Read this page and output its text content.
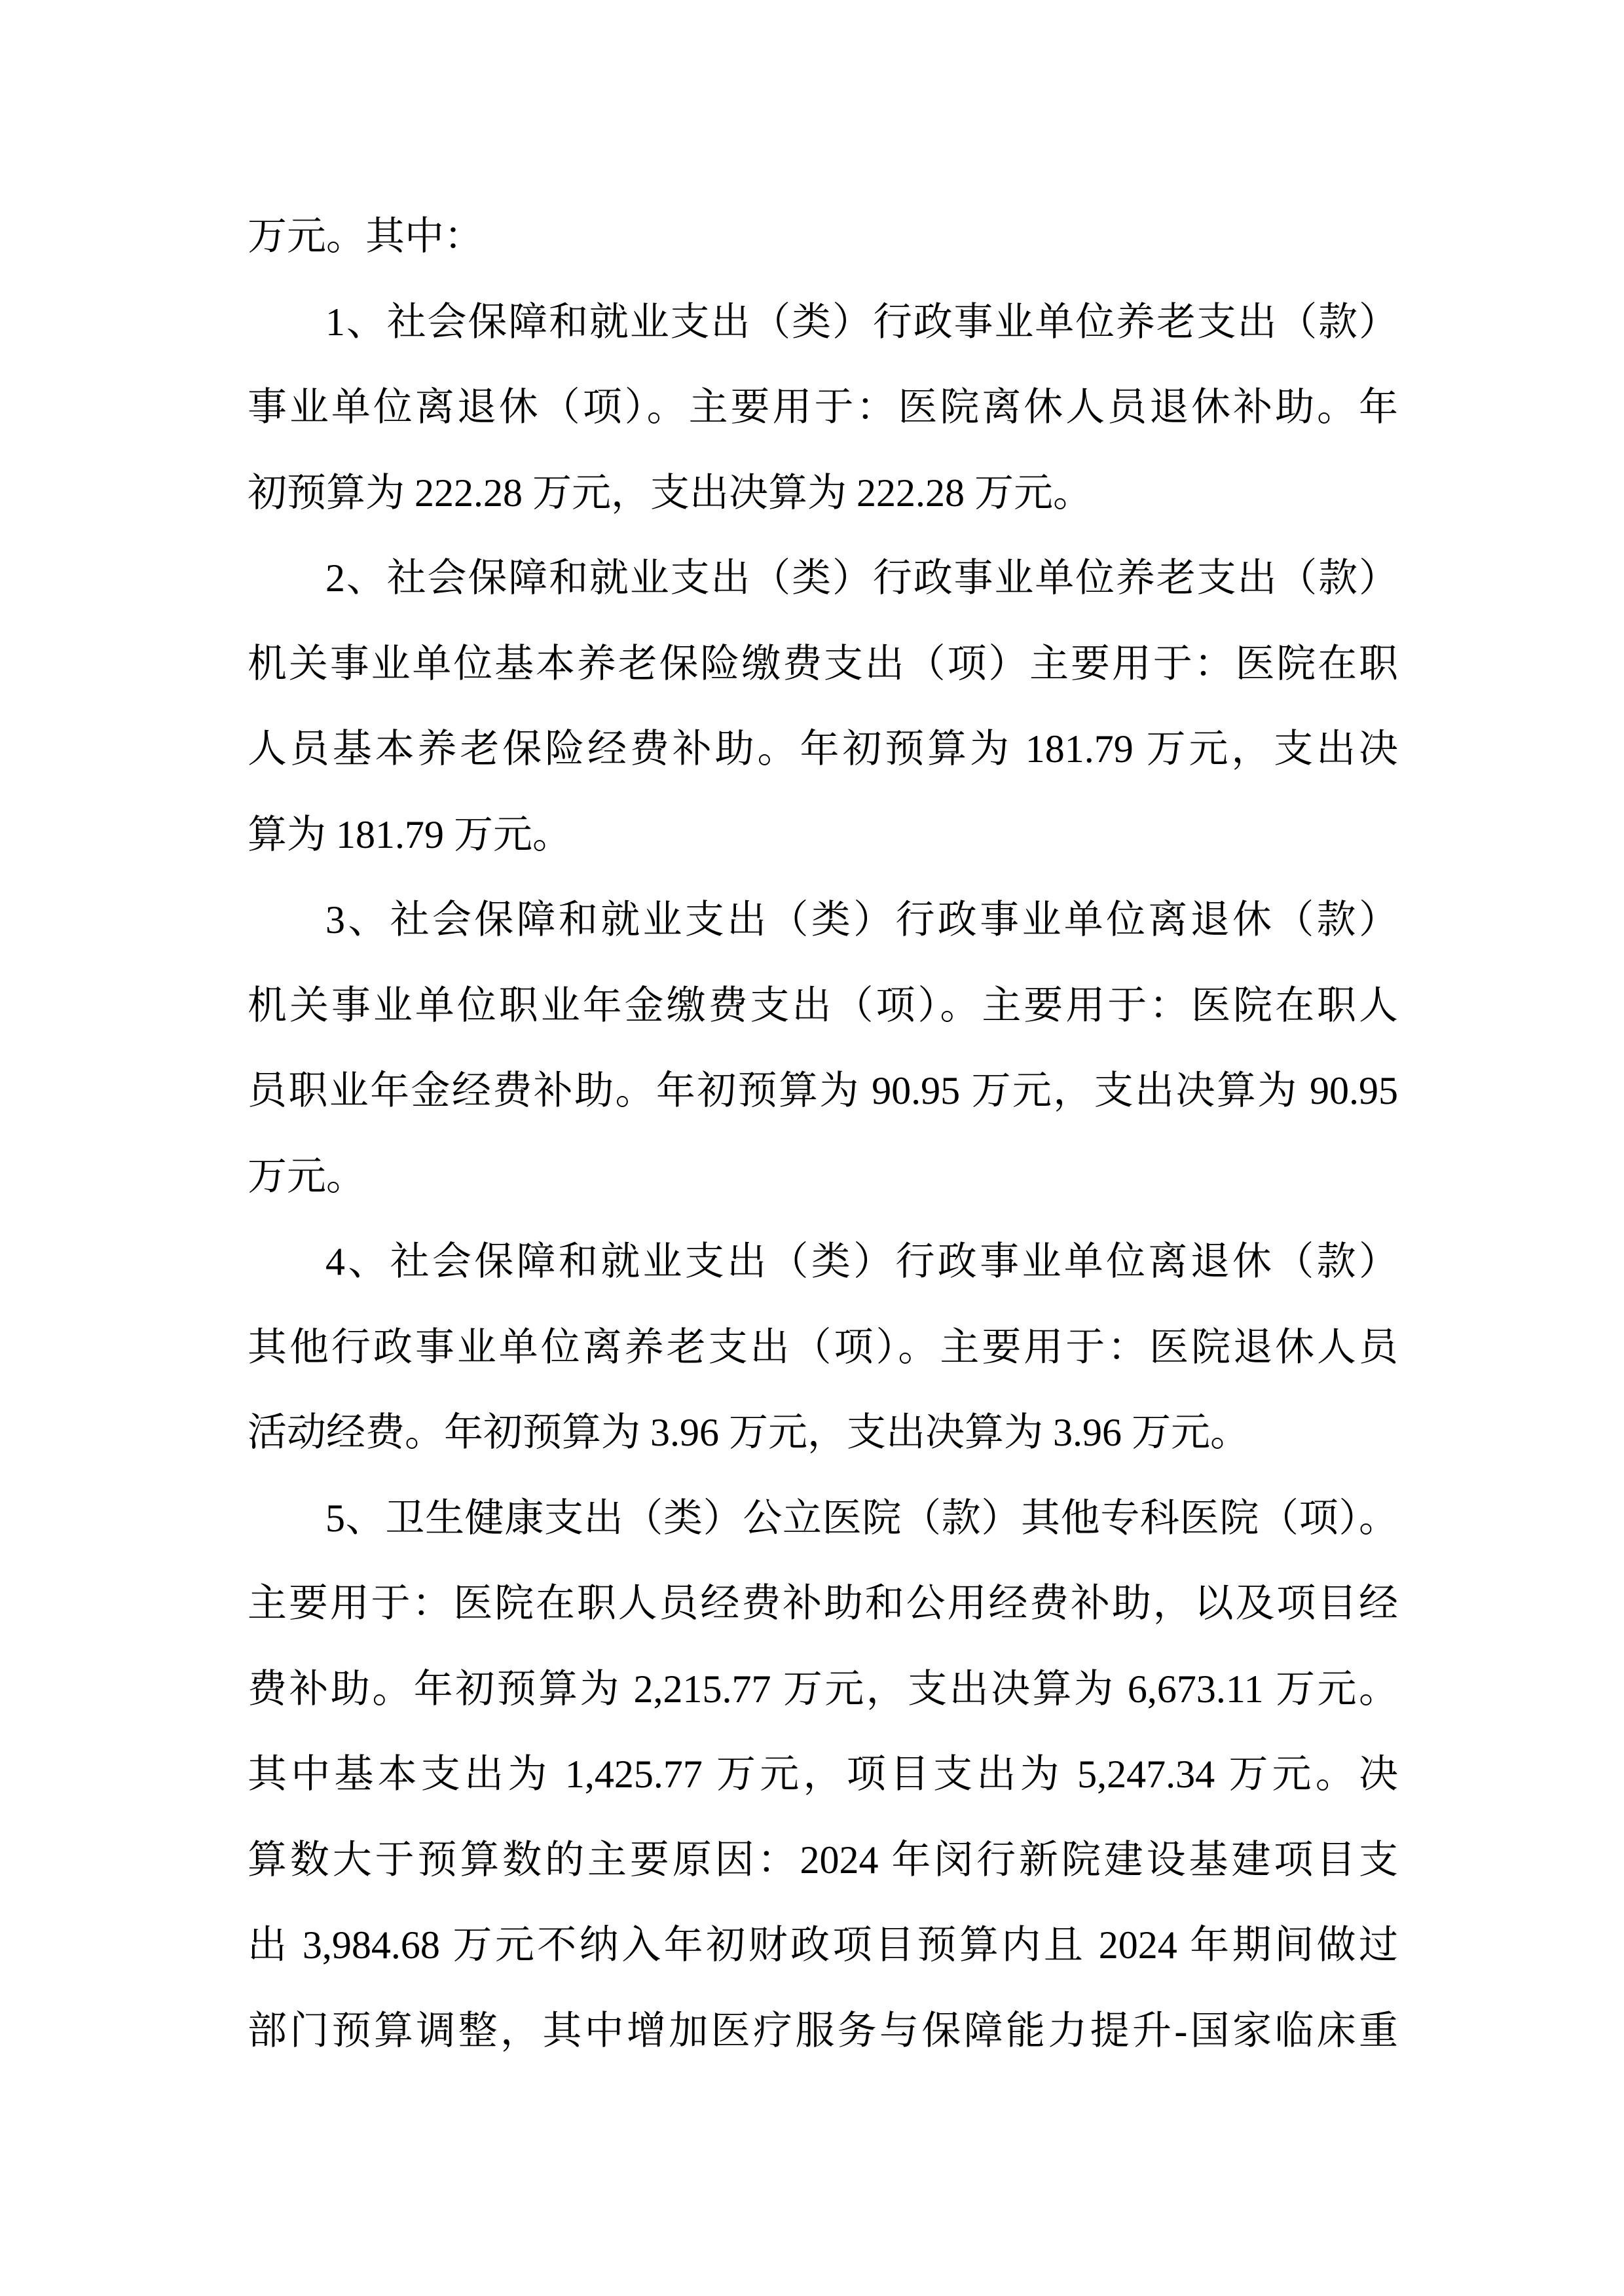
万元。其中：

1、社会保障和就业支出（类）行政事业单位养老支出（款）

事业单位离退休（项）。主要用于：医院离休人员退休补助。年

初预算为 222.28 万元，支出决算为 222.28 万元。

2、社会保障和就业支出（类）行政事业单位养老支出（款）

机关事业单位基本养老保险缴费支出（项）主要用于：医院在职

人员基本养老保险经费补助。年初预算为 181.79 万元，支出决

算为 181.79 万元。

3、社会保障和就业支出（类）行政事业单位离退休（款）

机关事业单位职业年金缴费支出（项）。主要用于：医院在职人

员职业年金经费补助。年初预算为 90.95 万元，支出决算为 90.95

万元。

4、社会保障和就业支出（类）行政事业单位离退休（款）

其他行政事业单位离养老支出（项）。主要用于：医院退休人员

活动经费。年初预算为 3.96 万元，支出决算为 3.96 万元。

5、卫生健康支出（类）公立医院（款）其他专科医院（项）。

主要用于：医院在职人员经费补助和公用经费补助，以及项目经

费补助。年初预算为 2,215.77 万元，支出决算为 6,673.11 万元。

其中基本支出为 1,425.77 万元，项目支出为 5,247.34 万元。决

算数大于预算数的主要原因：2024 年闵行新院建设基建项目支

出 3,984.68 万元不纳入年初财政项目预算内且 2024 年期间做过

部门预算调整，其中增加医疗服务与保障能力提升-国家临床重
